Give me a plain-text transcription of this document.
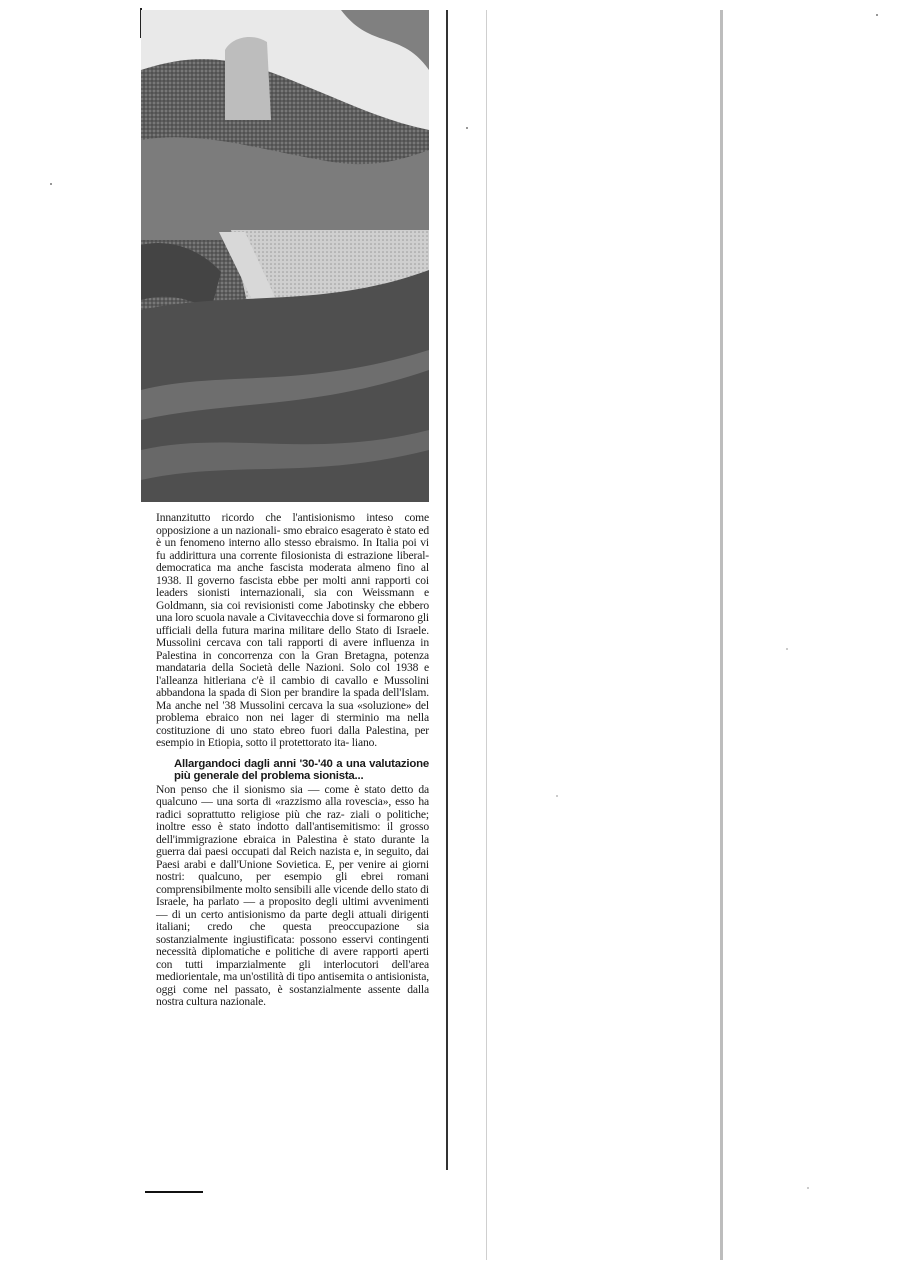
Innanzitutto ricordo che l'antisionismo inteso come opposizione a un nazionali- smo ebraico esagerato è stato ed è un fenomeno interno allo stesso ebraismo. In Italia poi vi fu addirittura una corrente filosionista di estrazione liberal-democratica ma anche fascista moderata almeno fino al 1938. Il governo fascista ebbe per molti anni rapporti coi leaders sionisti internazionali, sia con Weissmann e Goldmann, sia coi revisionisti come Jabotinsky che ebbero una loro scuola navale a Civitavecchia dove si formarono gli ufficiali della futura marina militare dello Stato di Israele. Mussolini cercava con tali rapporti di avere influenza in Palestina in concorrenza con la Gran Bretagna, potenza mandataria della Società delle Nazioni. Solo col 1938 e l'alleanza hitleriana c'è il cambio di cavallo e Mussolini abbandona la spada di Sion per brandire la spada dell'Islam. Ma anche nel '38 Mussolini cercava la sua «soluzione» del problema ebraico non nei lager di sterminio ma nella costituzione di uno stato ebreo fuori dalla Palestina, per esempio in Etiopia, sotto il protettorato ita- liano.

Allargandoci dagli anni '30-'40 a una valutazione più generale del problema sionista...

Non penso che il sionismo sia — come è stato detto da qualcuno — una sorta di «razzismo alla rovescia», esso ha radici soprattutto religiose più che raz- ziali o politiche; inoltre esso è stato indotto dall'antisemitismo: il grosso dell'immigrazione ebraica in Palestina è stato durante la guerra dai paesi occupati dal Reich nazista e, in seguito, dai Paesi arabi e dall'Unione Sovietica. E, per venire ai giorni nostri: qualcuno, per esempio gli ebrei romani comprensibilmente molto sensibili alle vicende dello stato di Israele, ha parlato — a proposito degli ultimi avvenimenti — di un certo antisionismo da parte degli attuali dirigenti italiani; credo che questa preoccupazione sia sostanzialmente ingiustificata: possono esservi contingenti necessità diplomatiche e politiche di avere rapporti aperti con tutti imparzialmente gli interlocutori dell'area mediorientale, ma un'ostilità di tipo antisemita o antisionista, oggi come nel passato, è sostanzialmente assente dalla nostra cultura nazionale.
